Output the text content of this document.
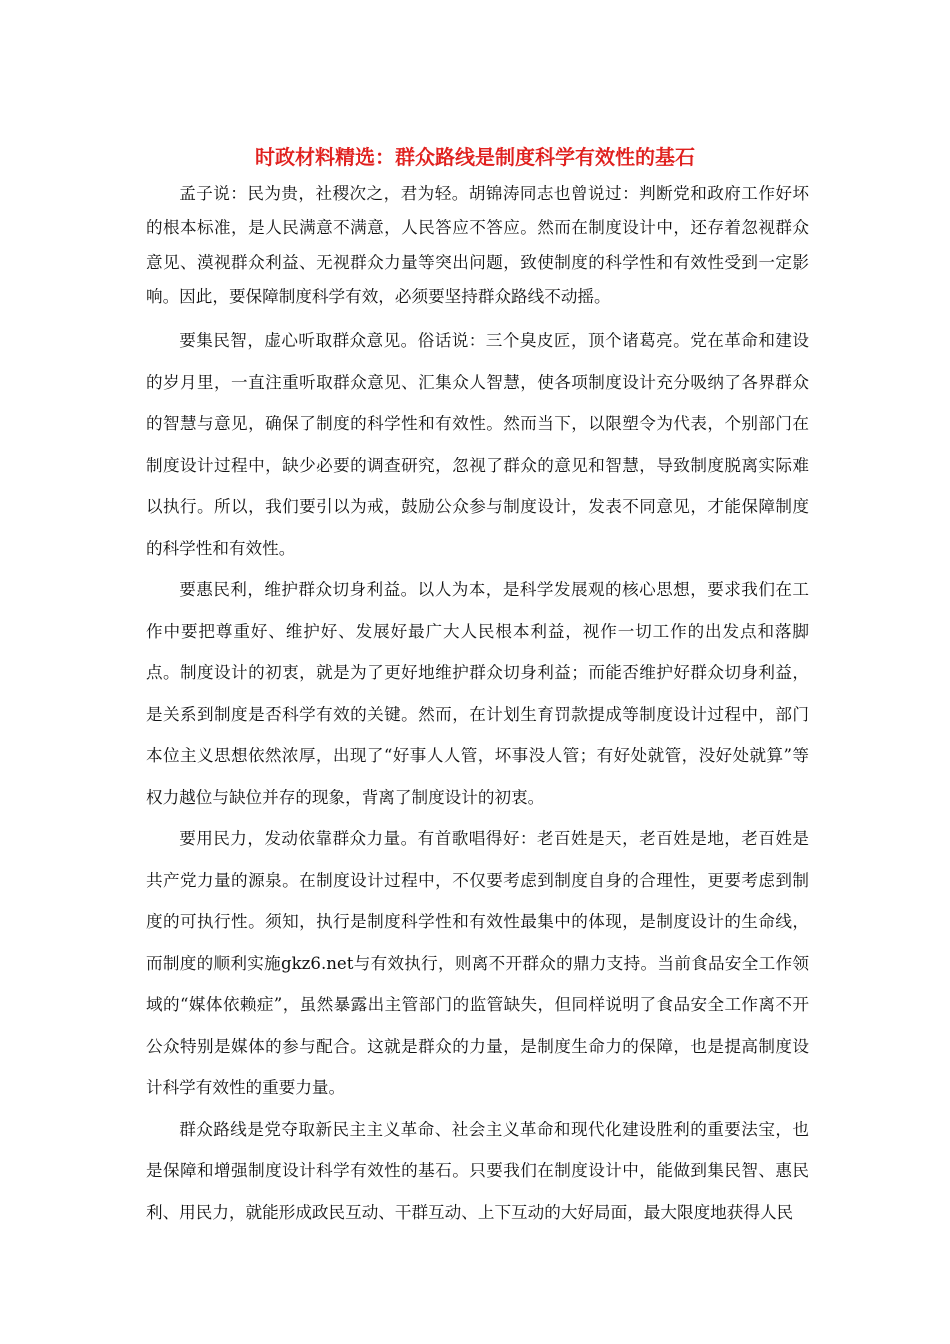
时政材料精选：群众路线是制度科学有效性的基石

孟子说：民为贵，社稷次之，君为轻。胡锦涛同志也曾说过：判断党和政府工作好坏的根本标准，是人民满意不满意，人民答应不答应。然而在制度设计中，还存着忽视群众意见、漠视群众利益、无视群众力量等突出问题，致使制度的科学性和有效性受到一定影响。因此，要保障制度科学有效，必须要坚持群众路线不动摇。

要集民智，虚心听取群众意见。俗话说：三个臭皮匠，顶个诸葛亮。党在革命和建设的岁月里，一直注重听取群众意见、汇集众人智慧，使各项制度设计充分吸纳了各界群众的智慧与意见，确保了制度的科学性和有效性。然而当下，以限塑令为代表，个别部门在制度设计过程中，缺少必要的调查研究，忽视了群众的意见和智慧，导致制度脱离实际难以执行。所以，我们要引以为戒，鼓励公众参与制度设计，发表不同意见，才能保障制度的科学性和有效性。

要惠民利，维护群众切身利益。以人为本，是科学发展观的核心思想，要求我们在工作中要把尊重好、维护好、发展好最广大人民根本利益，视作一切工作的出发点和落脚点。制度设计的初衷，就是为了更好地维护群众切身利益；而能否维护好群众切身利益，是关系到制度是否科学有效的关键。然而，在计划生育罚款提成等制度设计过程中，部门本位主义思想依然浓厚，出现了“好事人人管，坏事没人管；有好处就管，没好处就算”等权力越位与缺位并存的现象，背离了制度设计的初衷。

要用民力，发动依靠群众力量。有首歌唱得好：老百姓是天，老百姓是地，老百姓是共产党力量的源泉。在制度设计过程中，不仅要考虑到制度自身的合理性，更要考虑到制度的可执行性。须知，执行是制度科学性和有效性最集中的体现，是制度设计的生命线，而制度的顺利实施gkz6.net与有效执行，则离不开群众的鼎力支持。当前食品安全工作领域的“媒体依赖症”，虽然暴露出主管部门的监管缺失，但同样说明了食品安全工作离不开公众特别是媒体的参与配合。这就是群众的力量，是制度生命力的保障，也是提高制度设计科学有效性的重要力量。

群众路线是党夺取新民主主义革命、社会主义革命和现代化建设胜利的重要法宝，也是保障和增强制度设计科学有效性的基石。只要我们在制度设计中，能做到集民智、惠民利、用民力，就能形成政民互动、干群互动、上下互动的大好局面，最大限度地获得人民
